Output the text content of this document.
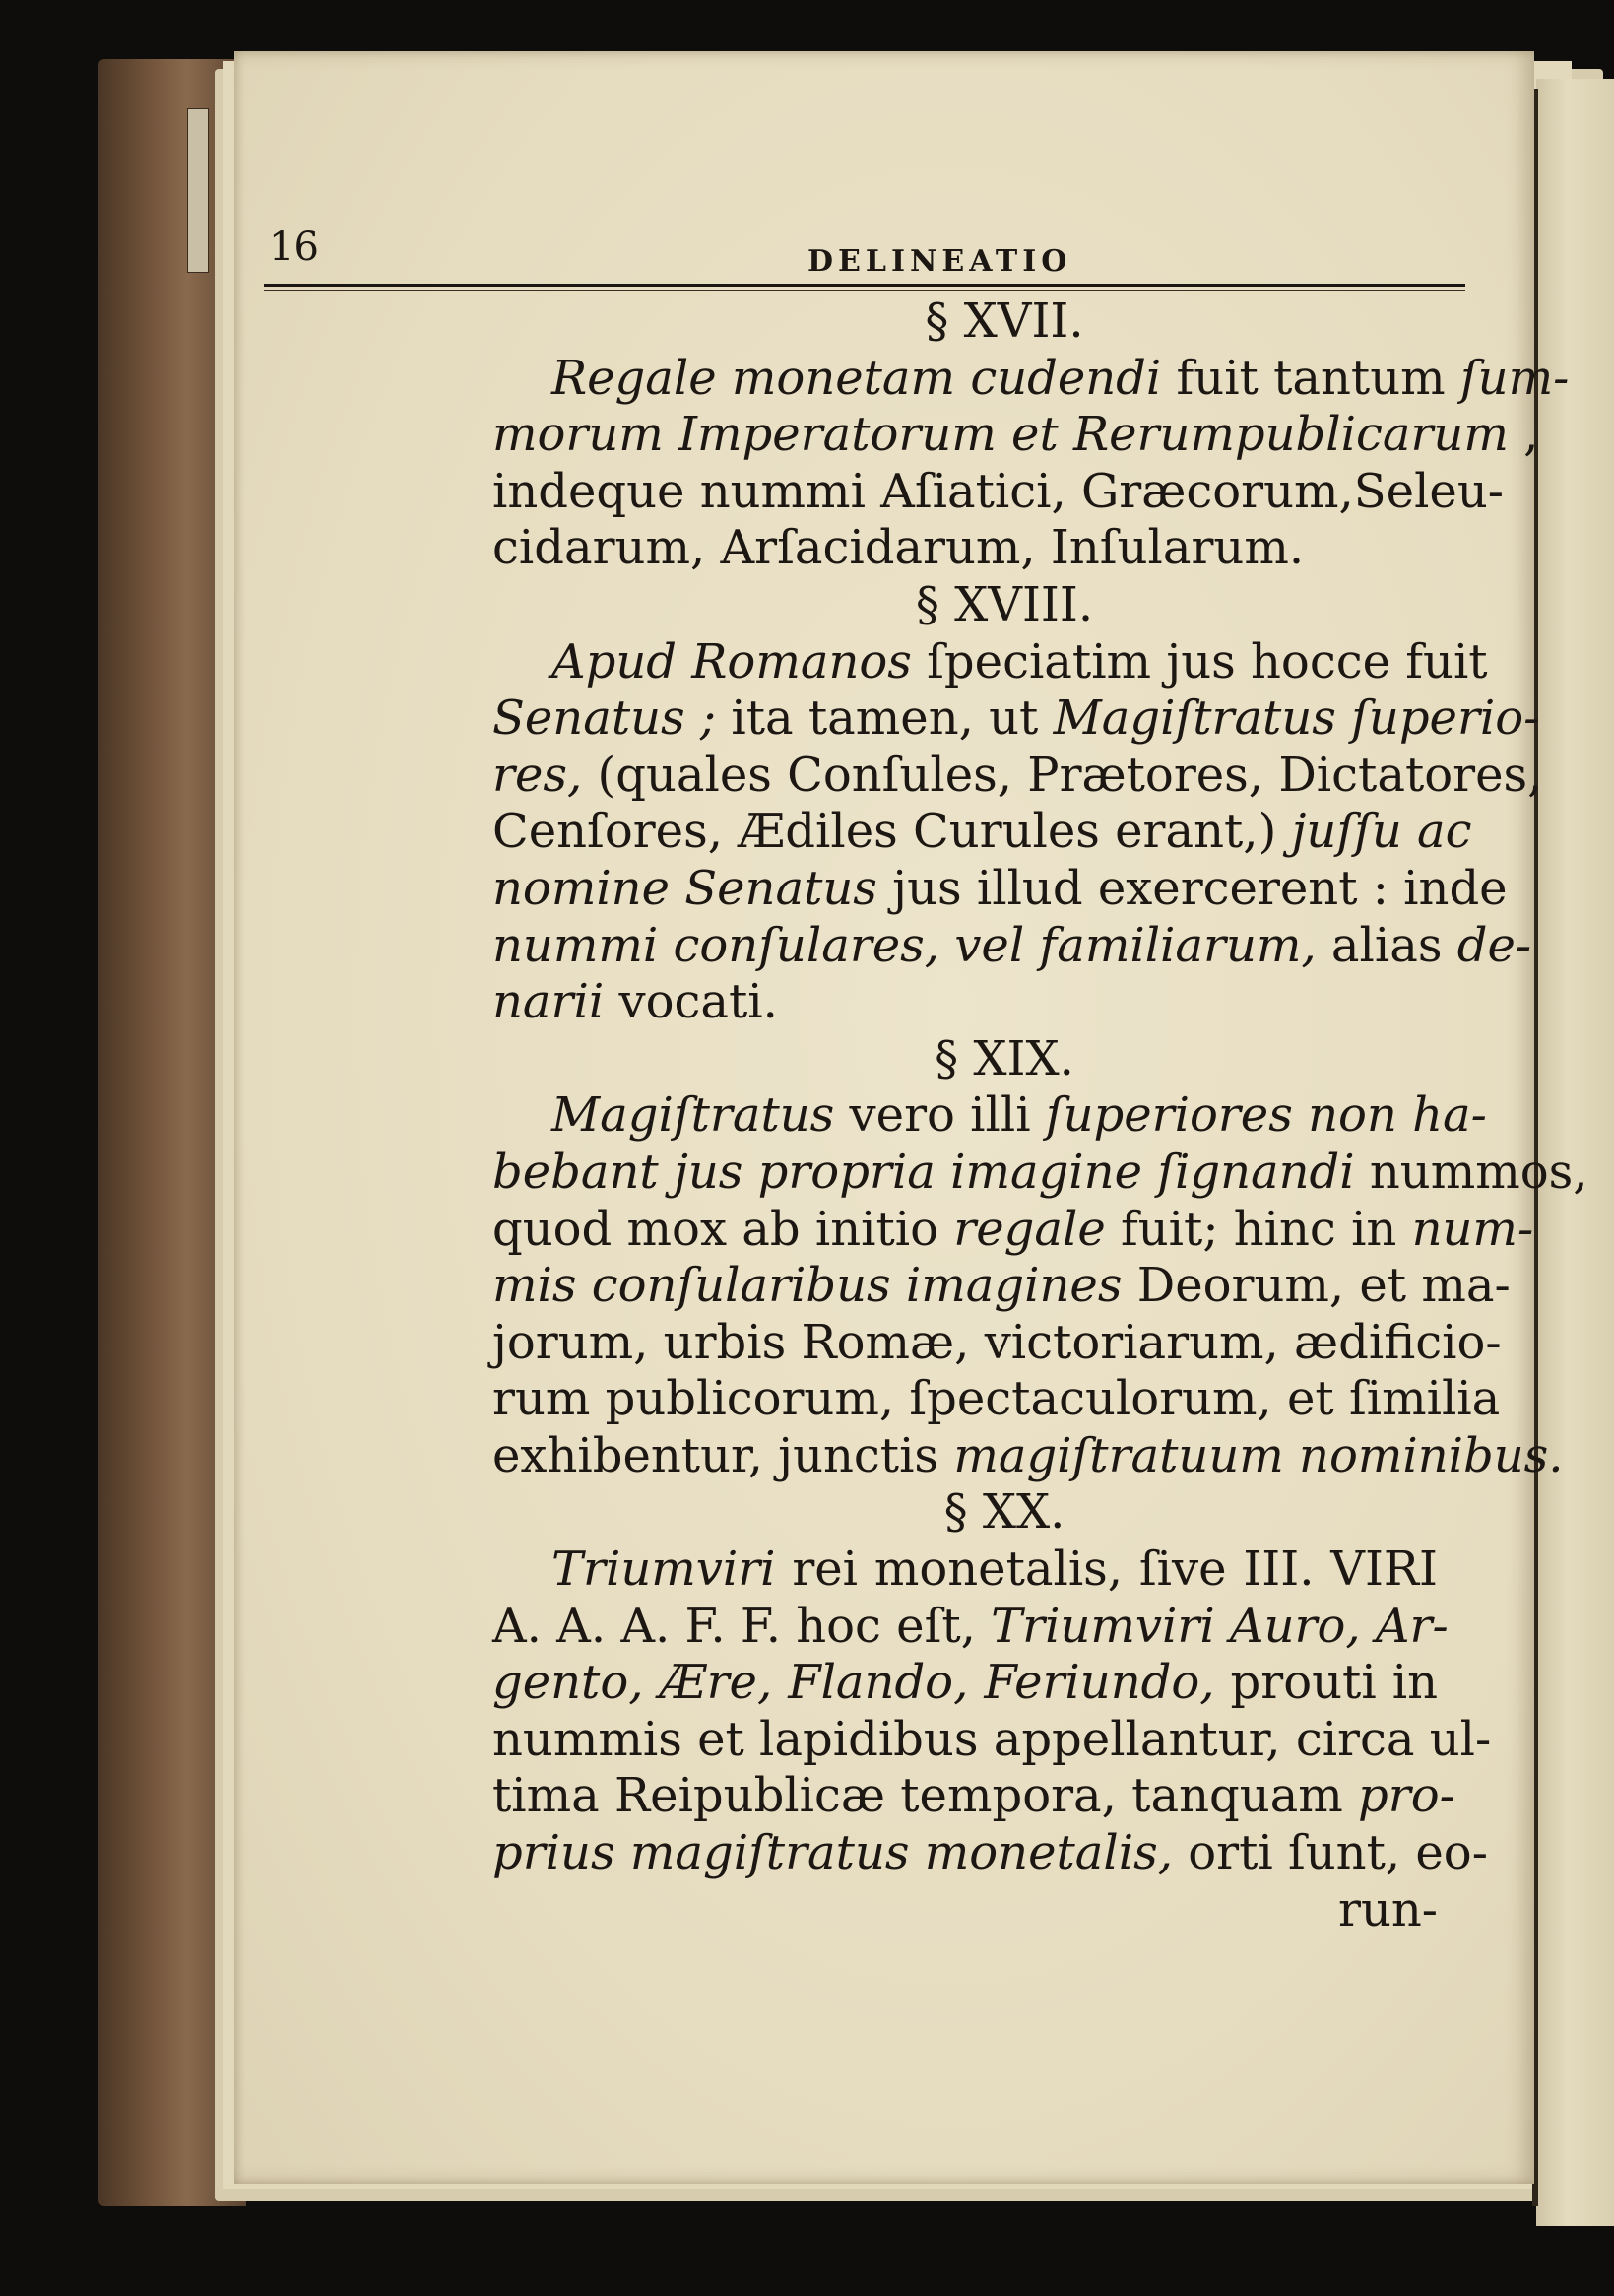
16	DELINEATIO
§ XVII.
Regale monetam cudendi fuit tantum ſum-
morum Imperatorum et Rerumpublicarum ,
indeque nummi Aſiatici, Græcorum,Seleu-
cidarum, Arſacidarum, Inſularum.
§ XVIII.
Apud Romanos ſpeciatim jus hocce fuit
Senatus ; ita tamen, ut Magiſtratus ſuperio-
res, (quales Conſules, Prætores, Dictatores,
Cenſores, Ædiles Curules erant,) juſſu ac
nomine Senatus jus illud exercerent : inde
nummi conſulares, vel familiarum, alias de-
narii vocati.
§ XIX.
Magiſtratus vero illi ſuperiores non ha-
bebant jus propria imagine ſignandi nummos,
quod mox ab initio regale fuit; hinc in num-
mis conſularibus imagines Deorum, et ma-
jorum, urbis Romæ, victoriarum, ædificio-
rum publicorum, ſpectaculorum, et ſimilia
exhibentur, junctis magiſtratuum nominibus.
§ XX.
Triumviri rei monetalis, ſive III. VIRI
A. A. A. F. F. hoc eſt, Triumviri Auro, Ar-
gento, Ære, Flando, Feriundo, prouti in
nummis et lapidibus appellantur, circa ul-
tima Reipublicæ tempora, tanquam pro-
prius magiſtratus monetalis, orti ſunt, eo-
run-
